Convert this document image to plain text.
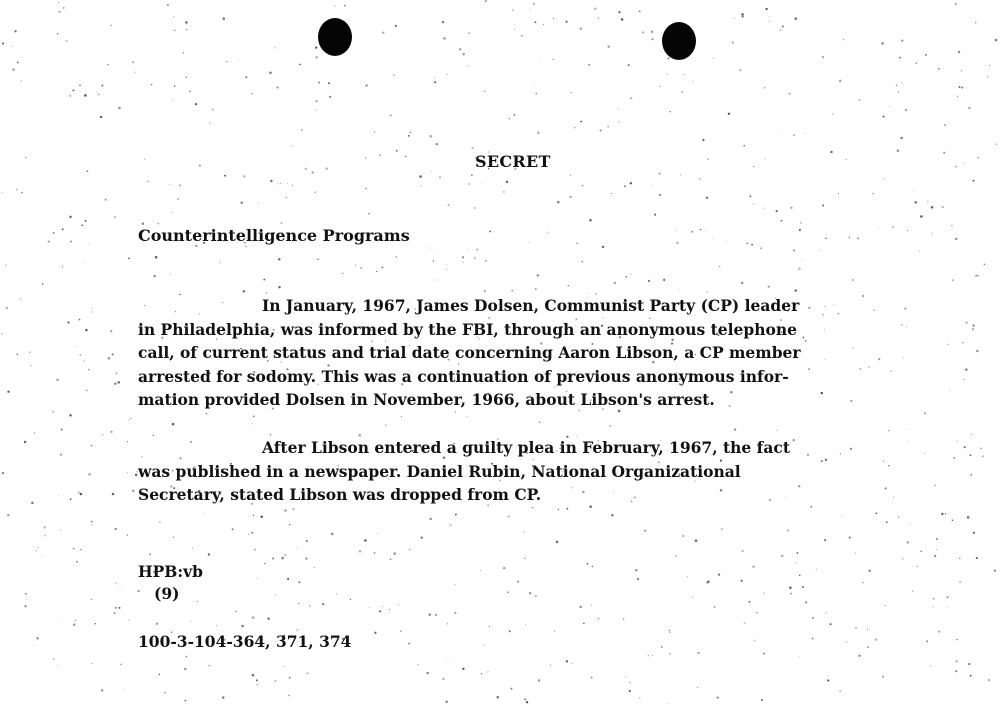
SECRET
Counterintelligence Programs
In January, 1967, James Dolsen, Communist Party (CP) leader
in Philadelphia, was informed by the FBI, through an anonymous telephone
call, of current status and trial date concerning Aaron Libson, a CP member
arrested for sodomy. This was a continuation of previous anonymous infor-
mation provided Dolsen in November, 1966, about Libson's arrest.
After Libson entered a guilty plea in February, 1967, the fact
was published in a newspaper. Daniel Rubin, National Organizational
Secretary, stated Libson was dropped from CP.
HPB:vb
(9)
100-3-104-364, 371, 374
